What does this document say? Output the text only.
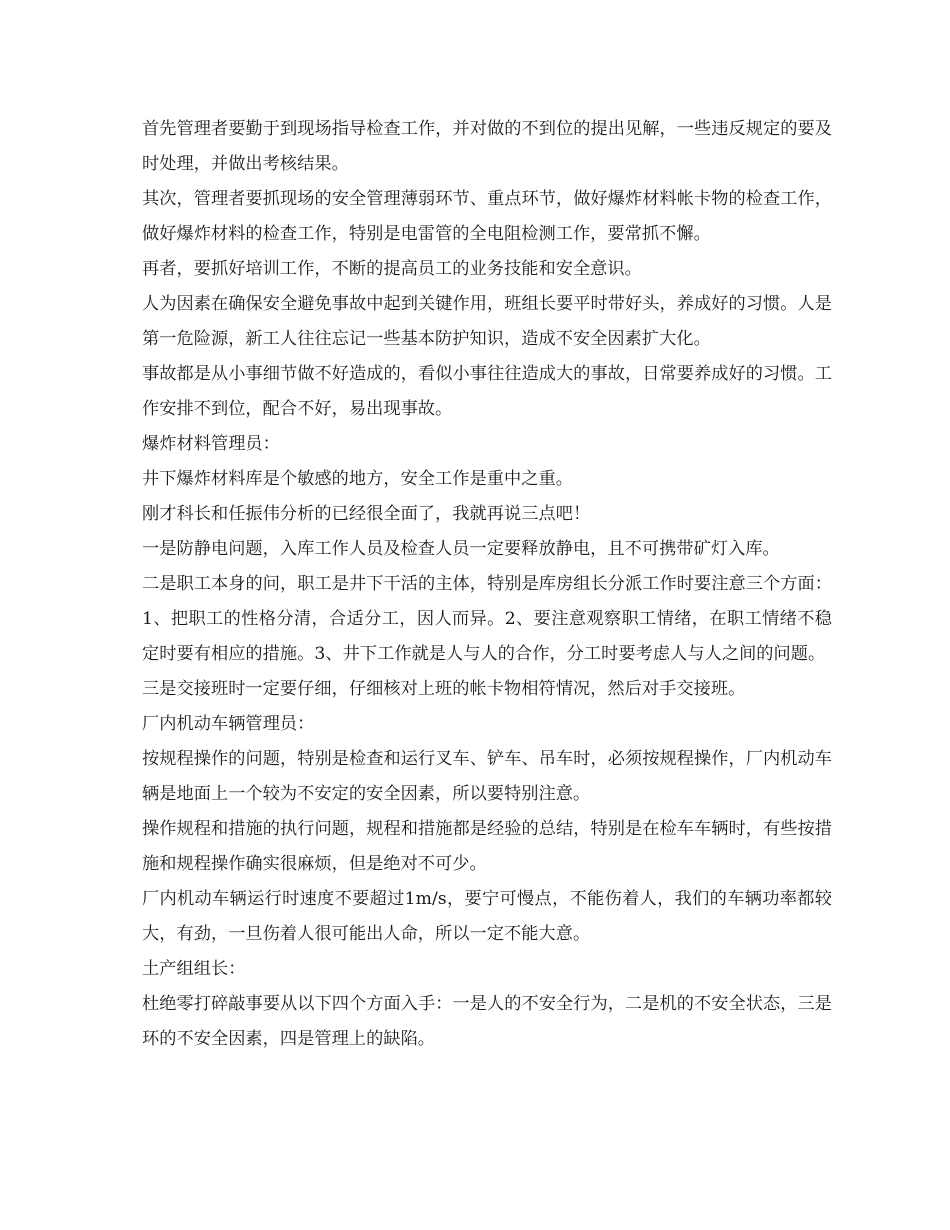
首先管理者要勤于到现场指导检查工作，并对做的不到位的提出见解，一些违反规定的要及时处理，并做出考核结果。

其次，管理者要抓现场的安全管理薄弱环节、重点环节，做好爆炸材料帐卡物的检查工作，做好爆炸材料的检查工作，特别是电雷管的全电阻检测工作，要常抓不懈。

再者，要抓好培训工作，不断的提高员工的业务技能和安全意识。

人为因素在确保安全避免事故中起到关键作用，班组长要平时带好头，养成好的习惯。人是第一危险源，新工人往往忘记一些基本防护知识，造成不安全因素扩大化。

事故都是从小事细节做不好造成的，看似小事往往造成大的事故，日常要养成好的习惯。工作安排不到位，配合不好，易出现事故。

爆炸材料管理员：

井下爆炸材料库是个敏感的地方，安全工作是重中之重。

刚才科长和任振伟分析的已经很全面了，我就再说三点吧！

一是防静电问题，入库工作人员及检查人员一定要释放静电，且不可携带矿灯入库。

二是职工本身的问，职工是井下干活的主体，特别是库房组长分派工作时要注意三个方面：1、把职工的性格分清，合适分工，因人而异。2、要注意观察职工情绪，在职工情绪不稳定时要有相应的措施。3、井下工作就是人与人的合作，分工时要考虑人与人之间的问题。

三是交接班时一定要仔细，仔细核对上班的帐卡物相符情况，然后对手交接班。

厂内机动车辆管理员：

按规程操作的问题，特别是检查和运行叉车、铲车、吊车时，必须按规程操作，厂内机动车辆是地面上一个较为不安定的安全因素，所以要特别注意。

操作规程和措施的执行问题，规程和措施都是经验的总结，特别是在检车车辆时，有些按措施和规程操作确实很麻烦，但是绝对不可少。

厂内机动车辆运行时速度不要超过1m/s，要宁可慢点，不能伤着人，我们的车辆功率都较大，有劲，一旦伤着人很可能出人命，所以一定不能大意。

土产组组长：

杜绝零打碎敲事要从以下四个方面入手：一是人的不安全行为，二是机的不安全状态，三是环的不安全因素，四是管理上的缺陷。
